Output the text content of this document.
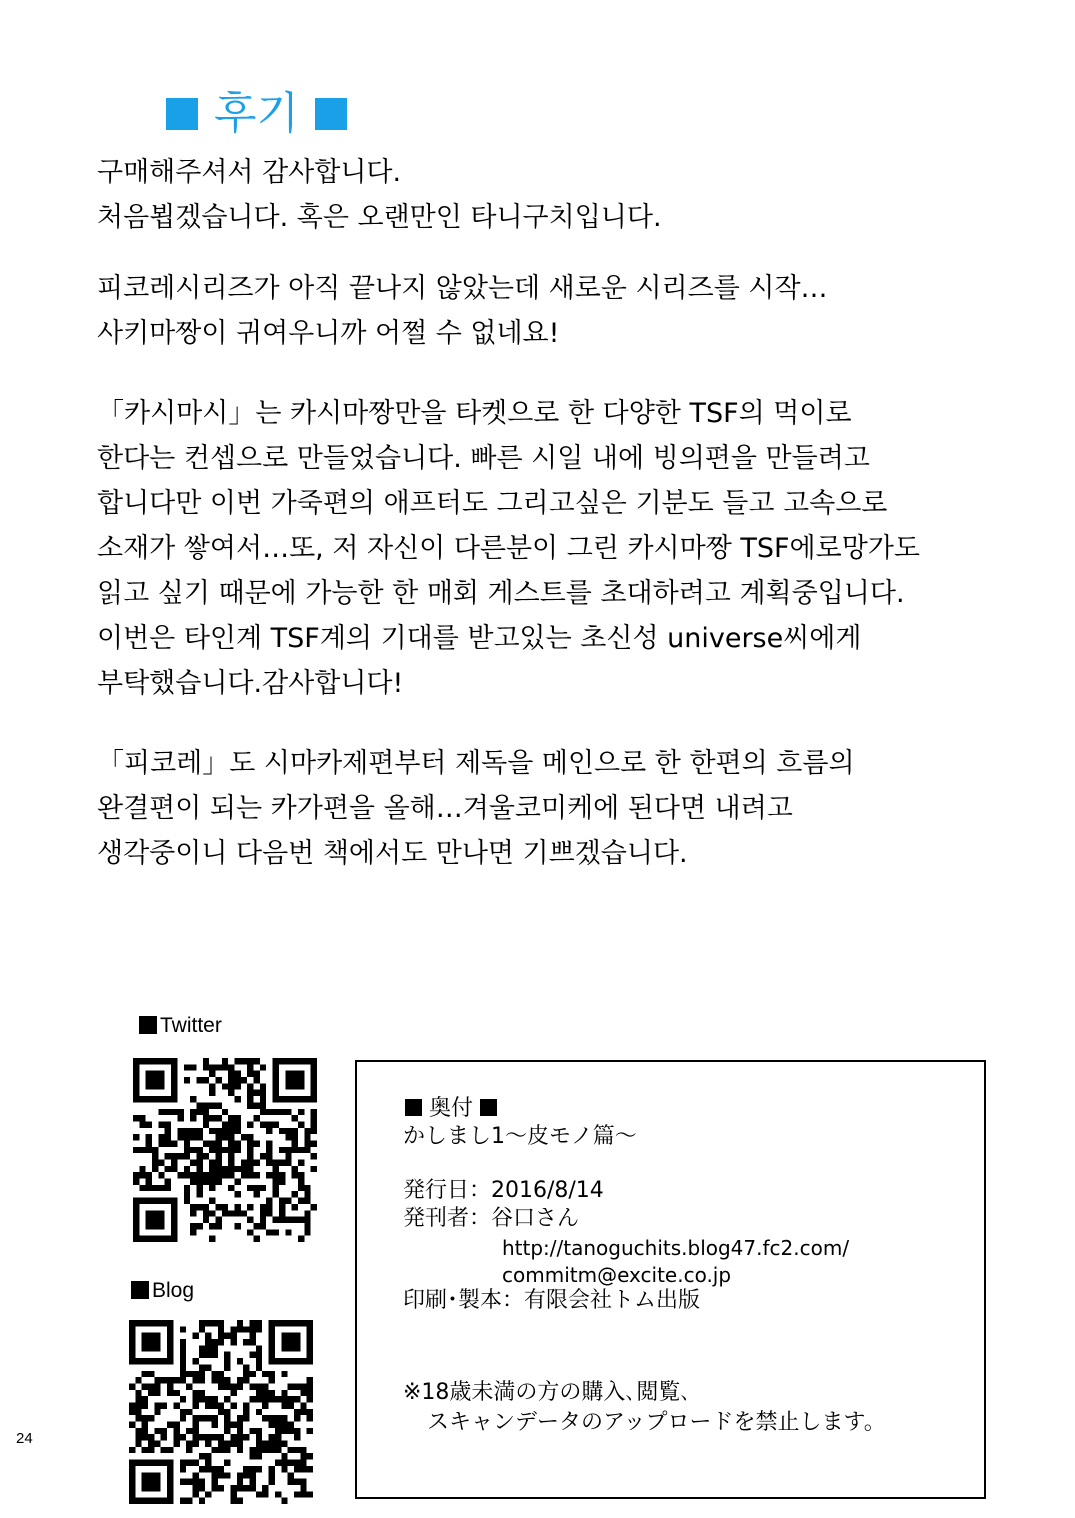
후기
구매해주셔서 감사합니다.
처음뵙겠습니다. 혹은 오랜만인 타니구치입니다.
피코레시리즈가 아직 끝나지 않았는데 새로운 시리즈를 시작…
사키마짱이 귀여우니까 어쩔 수 없네요!
「카시마시」는 카시마짱만을 타켓으로 한 다양한 TSF의 먹이로
한다는 컨셉으로 만들었습니다. 빠른 시일 내에 빙의편을 만들려고
합니다만 이번 가죽편의 애프터도 그리고싶은 기분도 들고 고속으로
소재가 쌓여서…또, 저 자신이 다른분이 그린 카시마짱 TSF에로망가도
읽고 싶기 때문에 가능한 한 매회 게스트를 초대하려고 계획중입니다.
이번은 타인계 TSF계의 기대를 받고있는 초신성 universe씨에게
부탁했습니다.감사합니다!
「피코레」도 시마카제편부터 제독을 메인으로 한 한편의 흐름의
완결편이 되는 카가편을 올해…겨울코미케에 된다면 내려고
생각중이니 다음번 책에서도 만나면 기쁘겠습니다.
Twitter
Blog
24
奥付
かしまし1～皮モノ篇～
発行日：2016/8/14
発刊者：谷口さん
http://tanoguchits.blog47.fc2.com/
commitm@excite.co.jp
印刷･製本：有限会社トム出版
※18歳未満の方の購入､閲覧､
スキャンデータのアップロードを禁止します。
